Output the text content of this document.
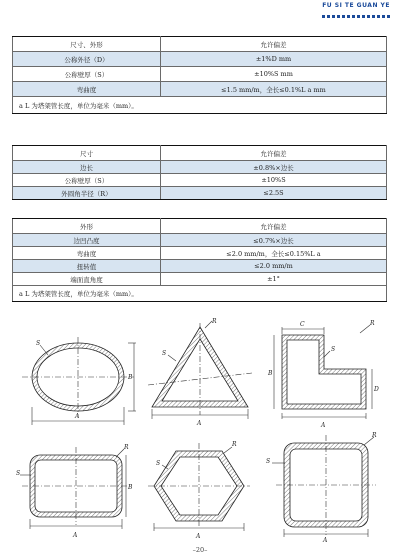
FU SI TE GUAN YE
尺寸、外形	允许偏差
公称外径（D）	±1%D mm
公称壁厚（S）	±10%S mm
弯曲度	≤1.5 mm/m，全长≤0.1%L a mm
a L 为塔架管长度，单位为毫米（mm）。	
尺寸	允许偏差
边长	±0.8%×边长
公称壁厚（S）	±10%S
外圆角半径（R）	≤2.5S
外形	允许偏差
边凹凸度	≤0.7%×边长
弯曲度	≤2.0 mm/m，全长≤0.15%L a
扭转值	≤2.0 mm/m
端面直角度	±1°
a L 为塔架管长度，单位为毫米（mm）。	
A
B
S
A
R
S
C
A
B
D
R
S
A
B
R
S
A
R
S
A
R
S
–20–
